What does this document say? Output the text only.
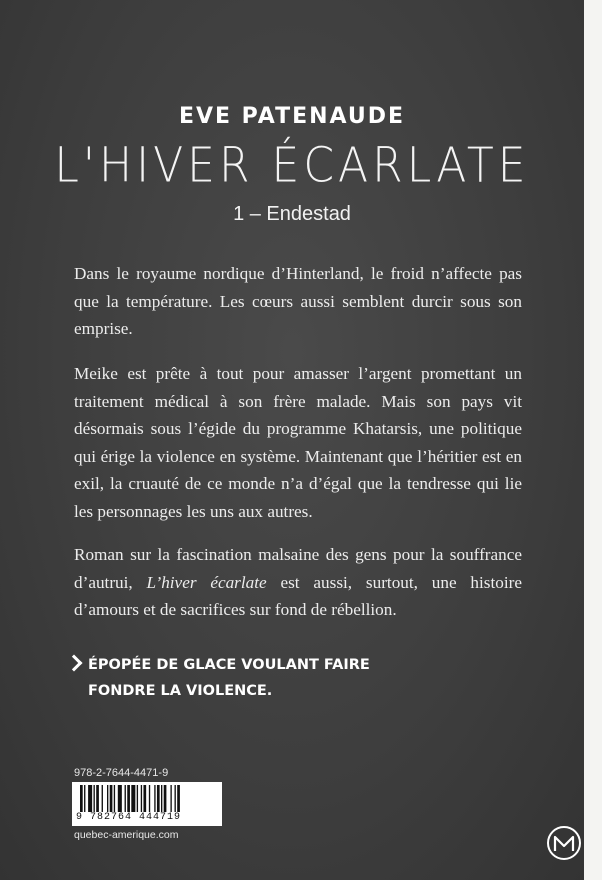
EVE PATENAUDE
L'HIVER ÉCARLATE
1 – Endestad

Dans le royaume nordique d’Hinterland, le froid n’affecte pas que la température. Les cœurs aussi semblent durcir sous son emprise.

Meike est prête à tout pour amasser l’argent promettant un traitement médical à son frère malade. Mais son pays vit désormais sous l’égide du programme Khatarsis, une politique qui érige la violence en système. Maintenant que l’héritier est en exil, la cruauté de ce monde n’a d’égal que la tendresse qui lie les personnages les uns aux autres.

Roman sur la fascination malsaine des gens pour la souffrance d’autrui, L’hiver écarlate est aussi, surtout, une histoire d’amours et de sacrifices sur fond de rébellion.

ÉPOPÉE DE GLACE VOULANT FAIRE
FONDRE LA VIOLENCE.
978-2-7644-4471-9
9 782764 444719
quebec-amerique.com
